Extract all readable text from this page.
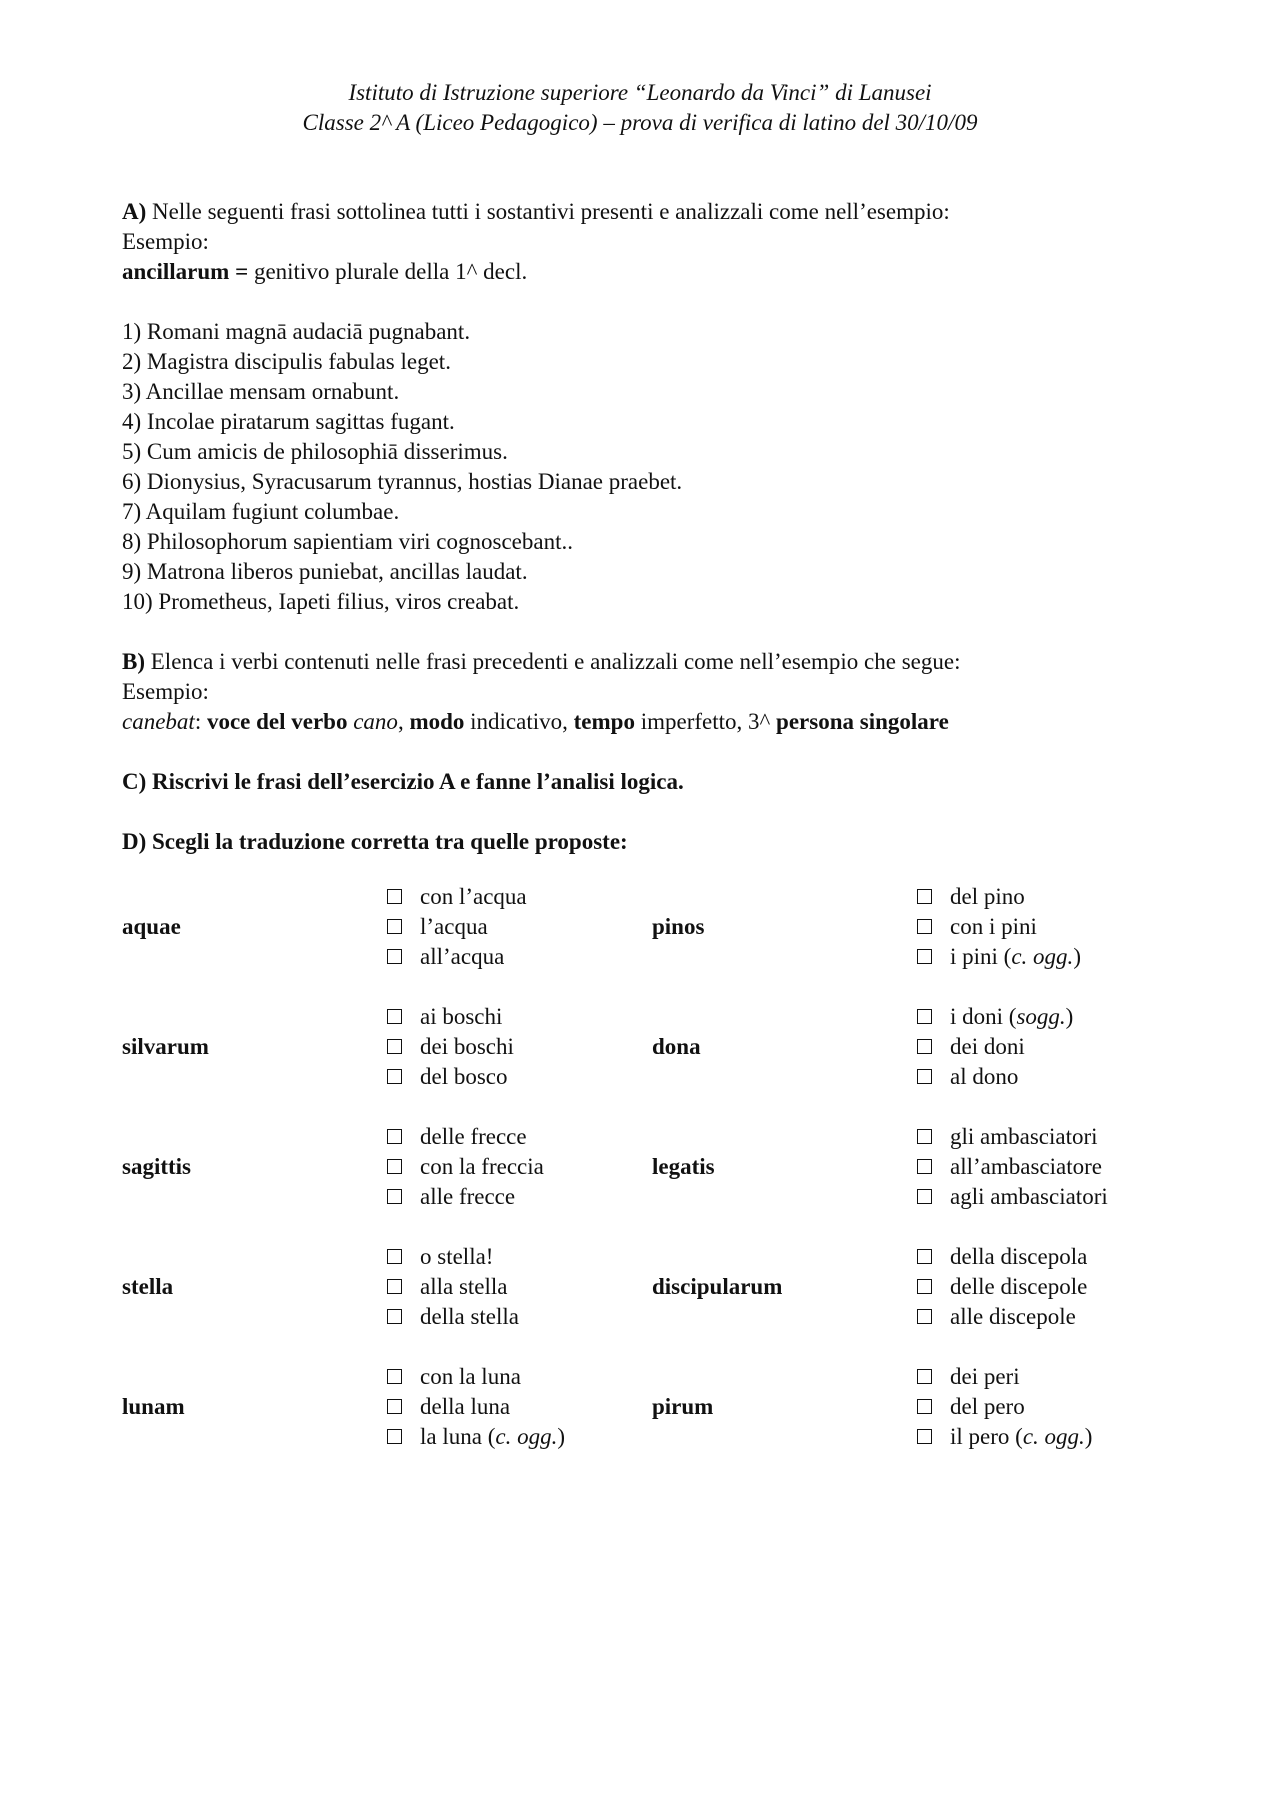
Istituto di Istruzione superiore “Leonardo da Vinci” di Lanusei
Classe 2^ A (Liceo Pedagogico) – prova di verifica di latino del 30/10/09
A) Nelle seguenti frasi sottolinea tutti i sostantivi presenti e analizzali come nell’esempio:
Esempio:
ancillarum = genitivo plurale della 1^ decl.
1) Romani magnā audaciā pugnabant.
2) Magistra discipulis fabulas leget.
3) Ancillae mensam ornabunt.
4) Incolae piratarum sagittas fugant.
5) Cum amicis de philosophiā disserimus.
6) Dionysius, Syracusarum tyrannus, hostias Dianae praebet.
7) Aquilam fugiunt columbae.
8) Philosophorum sapientiam viri cognoscebant..
9) Matrona liberos puniebat, ancillas laudat.
10) Prometheus, Iapeti filius, viros creabat.
B) Elenca i verbi contenuti nelle frasi precedenti e analizzali come nell’esempio che segue:
Esempio:
canebat: voce del verbo cano, modo indicativo, tempo imperfetto, 3^ persona singolare
C) Riscrivi le frasi dell’esercizio A e fanne l’analisi logica.
D) Scegli la traduzione corretta tra quelle proposte:
aquae
con l’acqua
l’acqua
all’acqua
pinos
del pino
con i pini
i pini (c. ogg.)
silvarum
ai boschi
dei boschi
del bosco
dona
i doni (sogg.)
dei doni
al dono
sagittis
delle frecce
con la freccia
alle frecce
legatis
gli ambasciatori
all’ambasciatore
agli ambasciatori
stella
o stella!
alla stella
della stella
discipularum
della discepola
delle discepole
alle discepole
lunam
con la luna
della luna
la luna (c. ogg.)
pirum
dei peri
del pero
il pero (c. ogg.)
